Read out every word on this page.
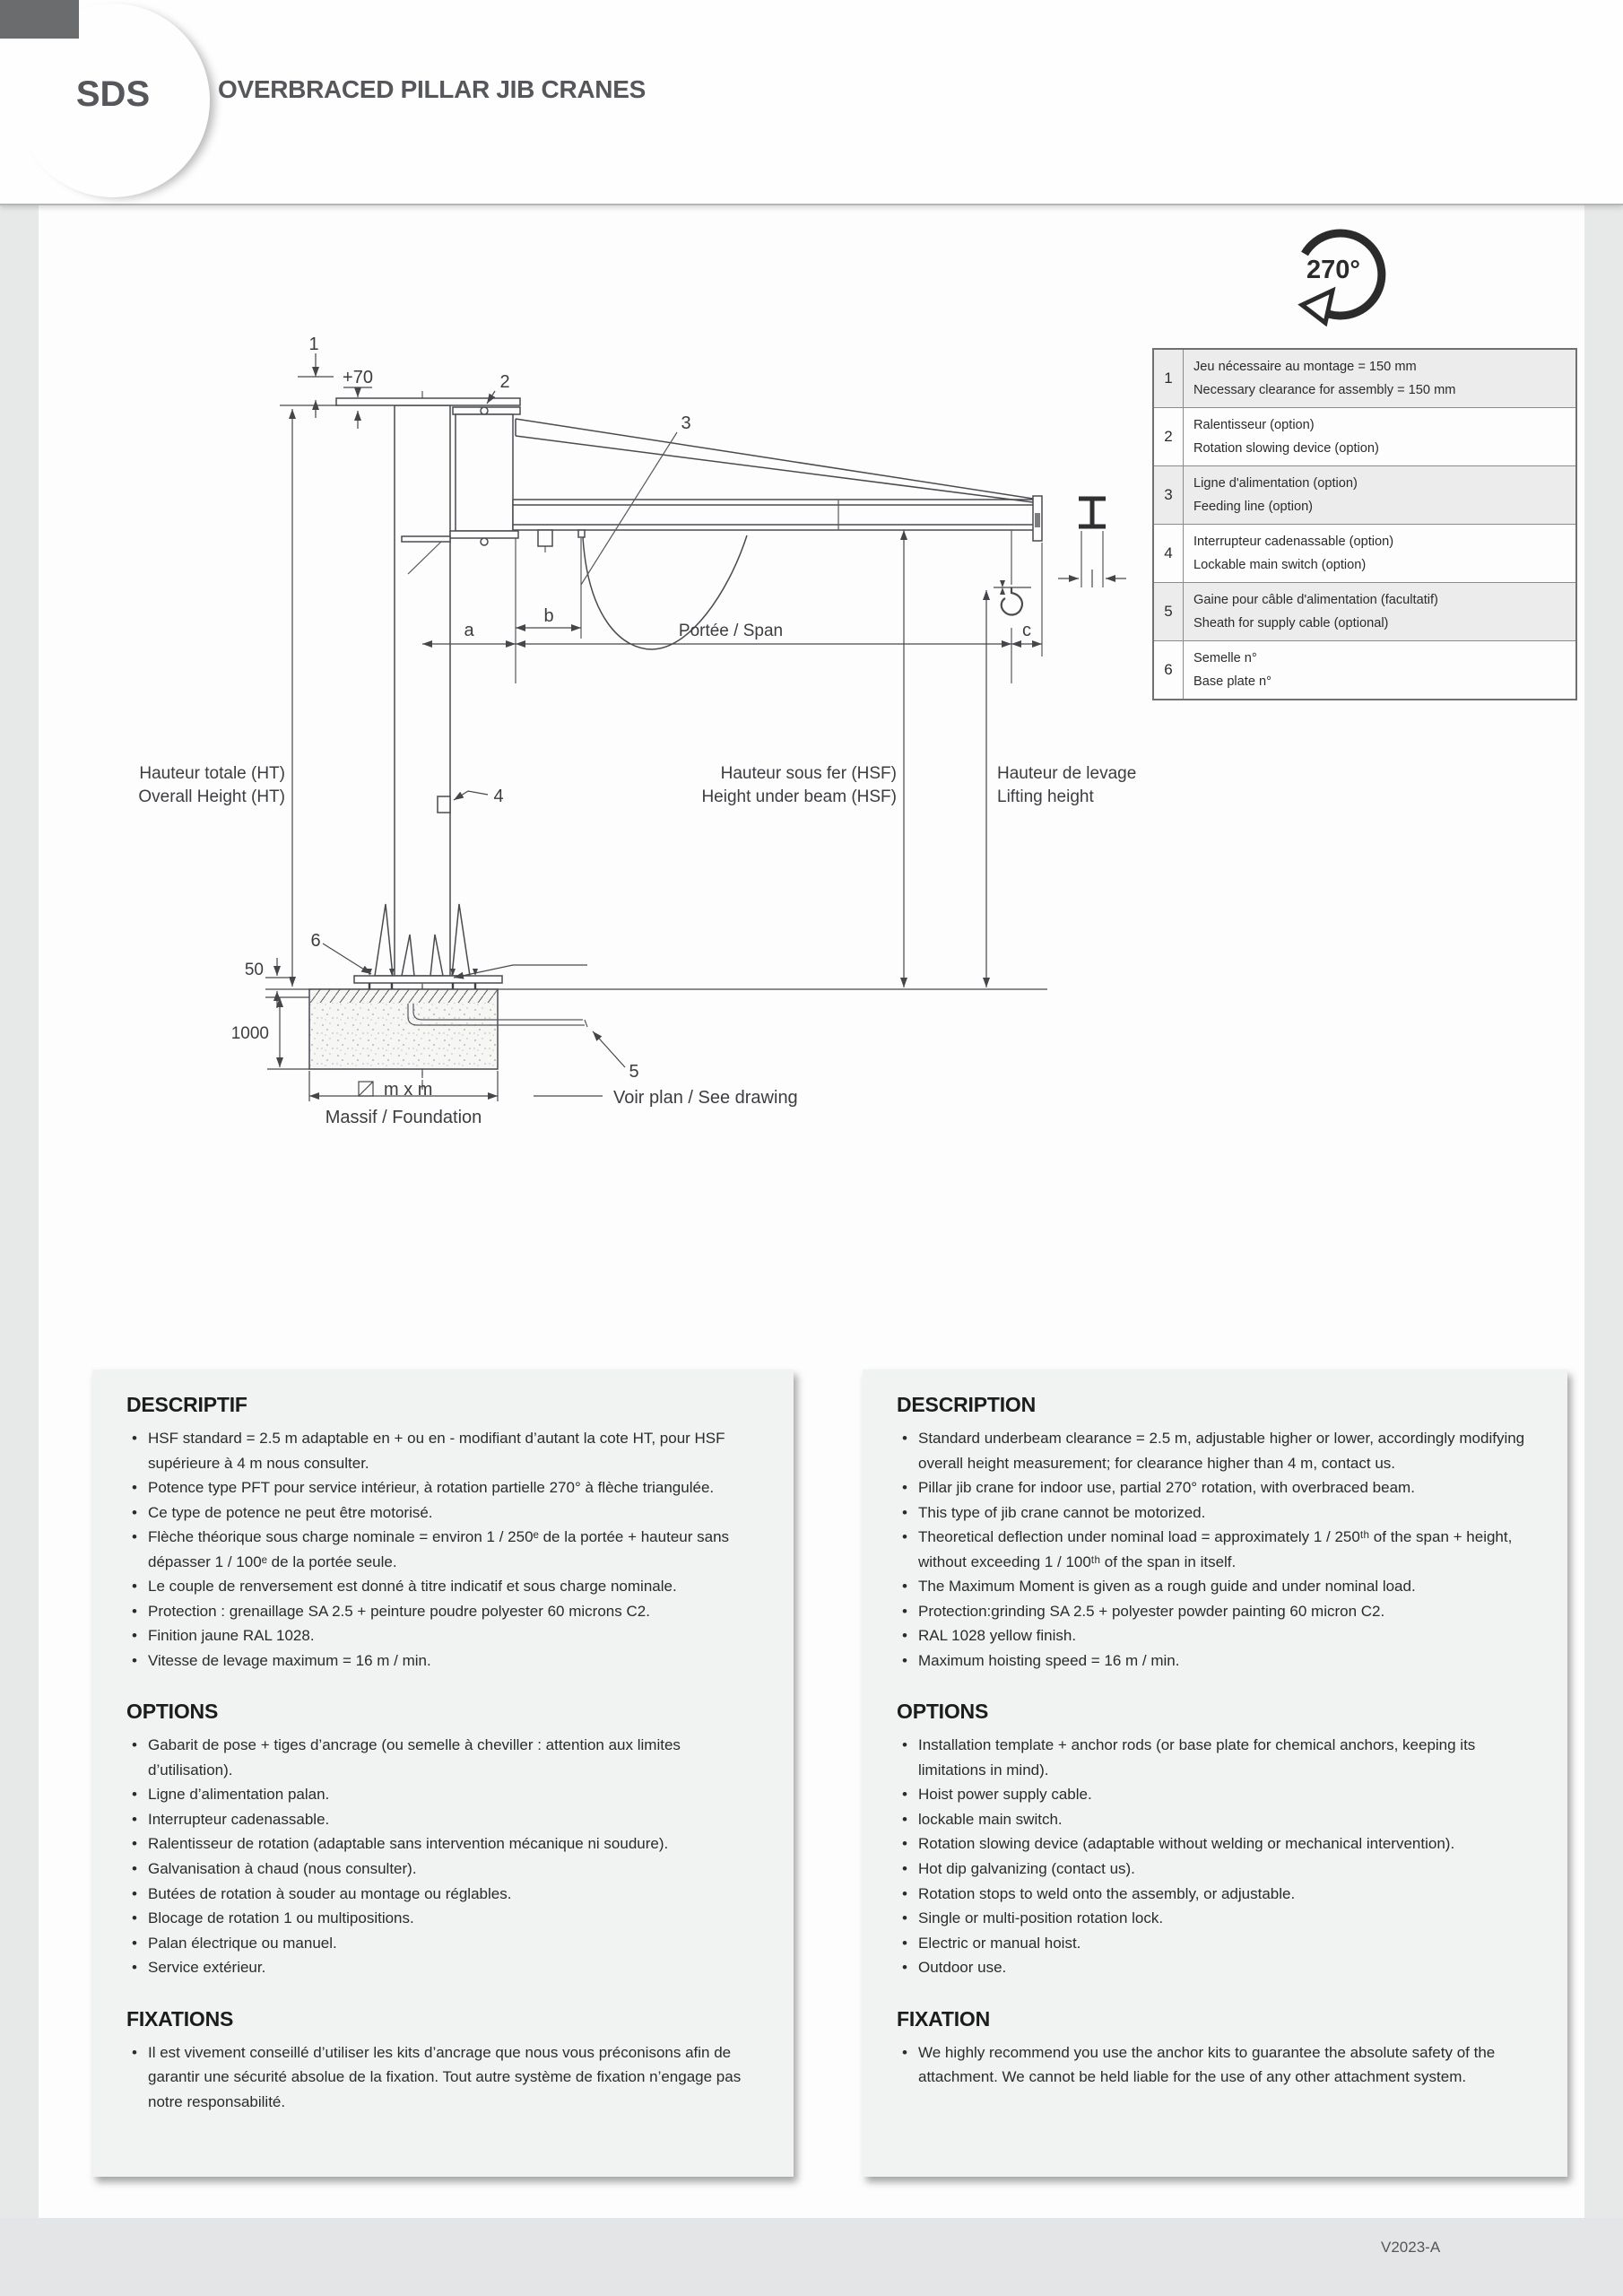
OVERBRACED PILLAR JIB CRANES
SDS
270°
1
Jeu nécessaire au montage = 150 mm
Necessary clearance for assembly = 150 mm
2
Ralentisseur (option)
Rotation slowing device (option)
3
Ligne d'alimentation (option)
Feeding line (option)
4
Interrupteur cadenassable (option)
Lockable main switch (option)
5
Gaine pour câble d'alimentation (facultatif)
Sheath for supply cable (optional)
6
Semelle n°
Base plate n°
1
+70	2
3
4
5
6
a
b
c
Portée / Span
Hauteur totale (HT)
Overall Height (HT)
Hauteur sous fer (HSF)
Height under beam (HSF)
Hauteur de levage
Lifting height
50
1000
m x m
Massif / Foundation
Voir plan / See drawing
DESCRIPTIF
• HSF standard = 2.5 m adaptable en + ou en - modifiant d’autant la cote HT, pour HSF supérieure à 4 m nous consulter.
• Potence type PFT pour service intérieur, à rotation partielle 270° à flèche triangulée.
• Ce type de potence ne peut être motorisé.
• Flèche théorique sous charge nominale = environ 1 / 250ᵉ de la portée + hauteur sans dépasser 1 / 100ᵉ de la portée seule.
• Le couple de renversement est donné à titre indicatif et sous charge nominale.
• Protection : grenaillage SA 2.5 + peinture poudre polyester 60 microns C2.
• Finition jaune RAL 1028.
• Vitesse de levage maximum = 16 m / min.
OPTIONS
• Gabarit de pose + tiges d’ancrage (ou semelle à cheviller : attention aux limites d’utilisation).
• Ligne d’alimentation palan.
• Interrupteur cadenassable.
• Ralentisseur de rotation (adaptable sans intervention mécanique ni soudure).
• Galvanisation à chaud (nous consulter).
• Butées de rotation à souder au montage ou réglables.
• Blocage de rotation 1 ou multipositions.
• Palan électrique ou manuel.
• Service extérieur.
FIXATIONS
• Il est vivement conseillé d’utiliser les kits d’ancrage que nous vous préconisons afin de garantir une sécurité absolue de la fixation. Tout autre système de fixation n’engage pas notre responsabilité.
DESCRIPTION
• Standard underbeam clearance = 2.5 m, adjustable higher or lower, accordingly modifying overall height measurement; for clearance higher than 4 m, contact us.
• Pillar jib crane for indoor use, partial 270° rotation, with overbraced beam.
• This type of jib crane cannot be motorized.
• Theoretical deflection under nominal load = approximately 1 / 250ᵗʰ of the span + height, without exceeding 1 / 100ᵗʰ of the span in itself.
• The Maximum Moment is given as a rough guide and under nominal load.
• Protection:grinding SA 2.5 + polyester powder painting 60 micron C2.
• RAL 1028 yellow finish.
• Maximum hoisting speed = 16 m / min.
OPTIONS
• Installation template + anchor rods (or base plate for chemical anchors, keeping its limitations in mind).
• Hoist power supply cable.
• lockable main switch.
• Rotation slowing device (adaptable without welding or mechanical intervention).
• Hot dip galvanizing (contact us).
• Rotation stops to weld onto the assembly, or adjustable.
• Single or multi-position rotation lock.
• Electric or manual hoist.
• Outdoor use.
FIXATION
• We highly recommend you use the anchor kits to guarantee the absolute safety of the attachment. We cannot be held liable for the use of any other attachment system.
V2023-A
